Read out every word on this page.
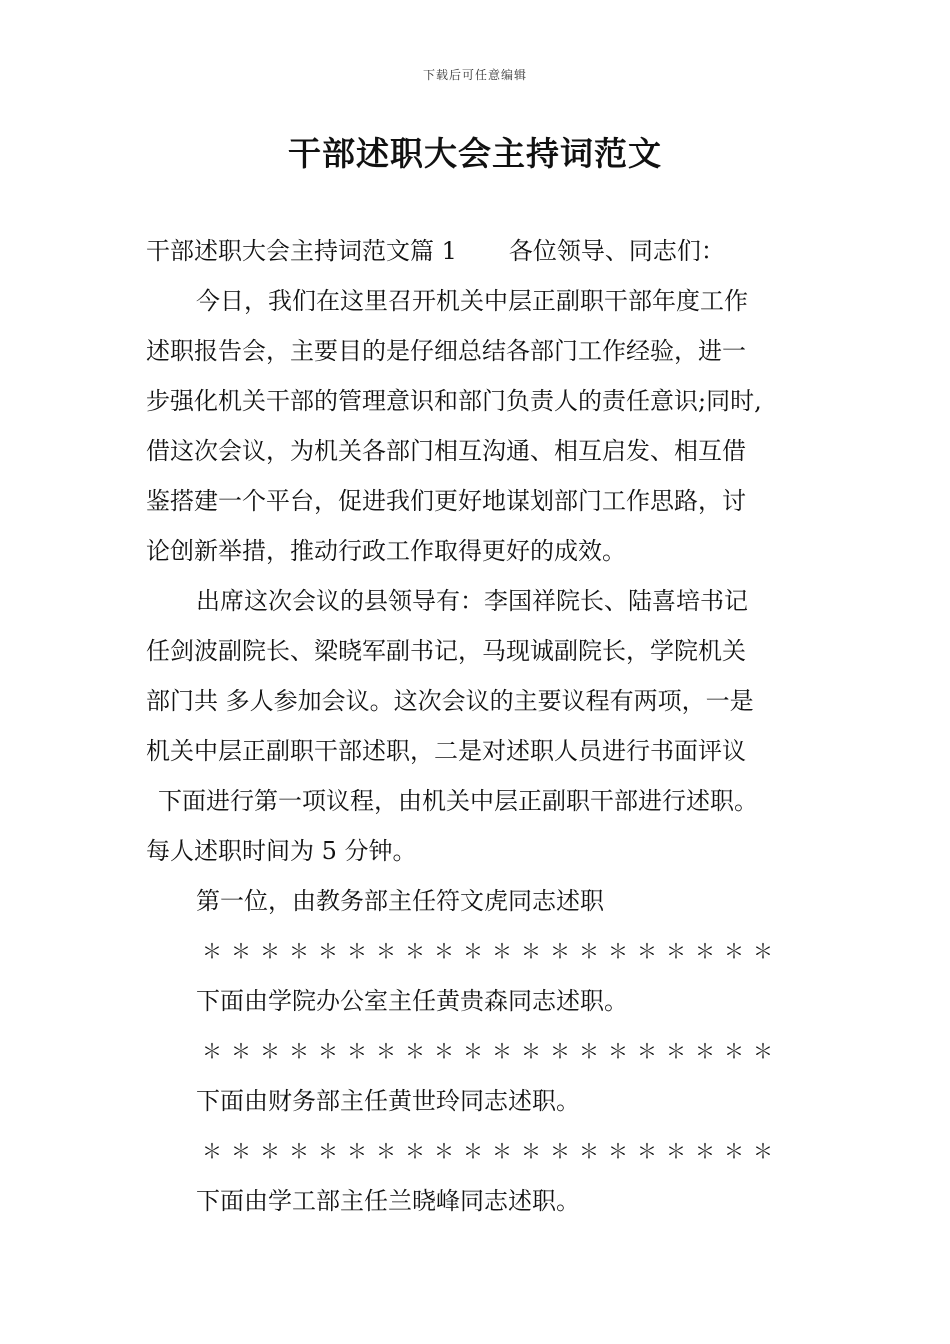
下载后可任意编辑
干部述职大会主持词范文
干部述职大会主持词范文篇 1 各位领导、同志们：
今日，我们在这里召开机关中层正副职干部年度工作
述职报告会，主要目的是仔细总结各部门工作经验，进一
步强化机关干部的管理意识和部门负责人的责任意识;同时,
借这次会议，为机关各部门相互沟通、相互启发、相互借
鉴搭建一个平台，促进我们更好地谋划部门工作思路，讨
论创新举措，推动行政工作取得更好的成效。
出席这次会议的县领导有：李国祥院长、陆喜培书记
任剑波副院长、梁晓军副书记，马现诚副院长，学院机关
部门共 多人参加会议。这次会议的主要议程有两项，一是
机关中层正副职干部述职，二是对述职人员进行书面评议
下面进行第一项议程，由机关中层正副职干部进行述职。
每人述职时间为 5 分钟。
第一位，由教务部主任符文虎同志述职
＊＊＊＊＊＊＊＊＊＊＊＊＊＊＊＊＊＊＊＊
下面由学院办公室主任黄贵森同志述职。
＊＊＊＊＊＊＊＊＊＊＊＊＊＊＊＊＊＊＊＊
下面由财务部主任黄世玲同志述职。
＊＊＊＊＊＊＊＊＊＊＊＊＊＊＊＊＊＊＊＊
下面由学工部主任兰晓峰同志述职。
